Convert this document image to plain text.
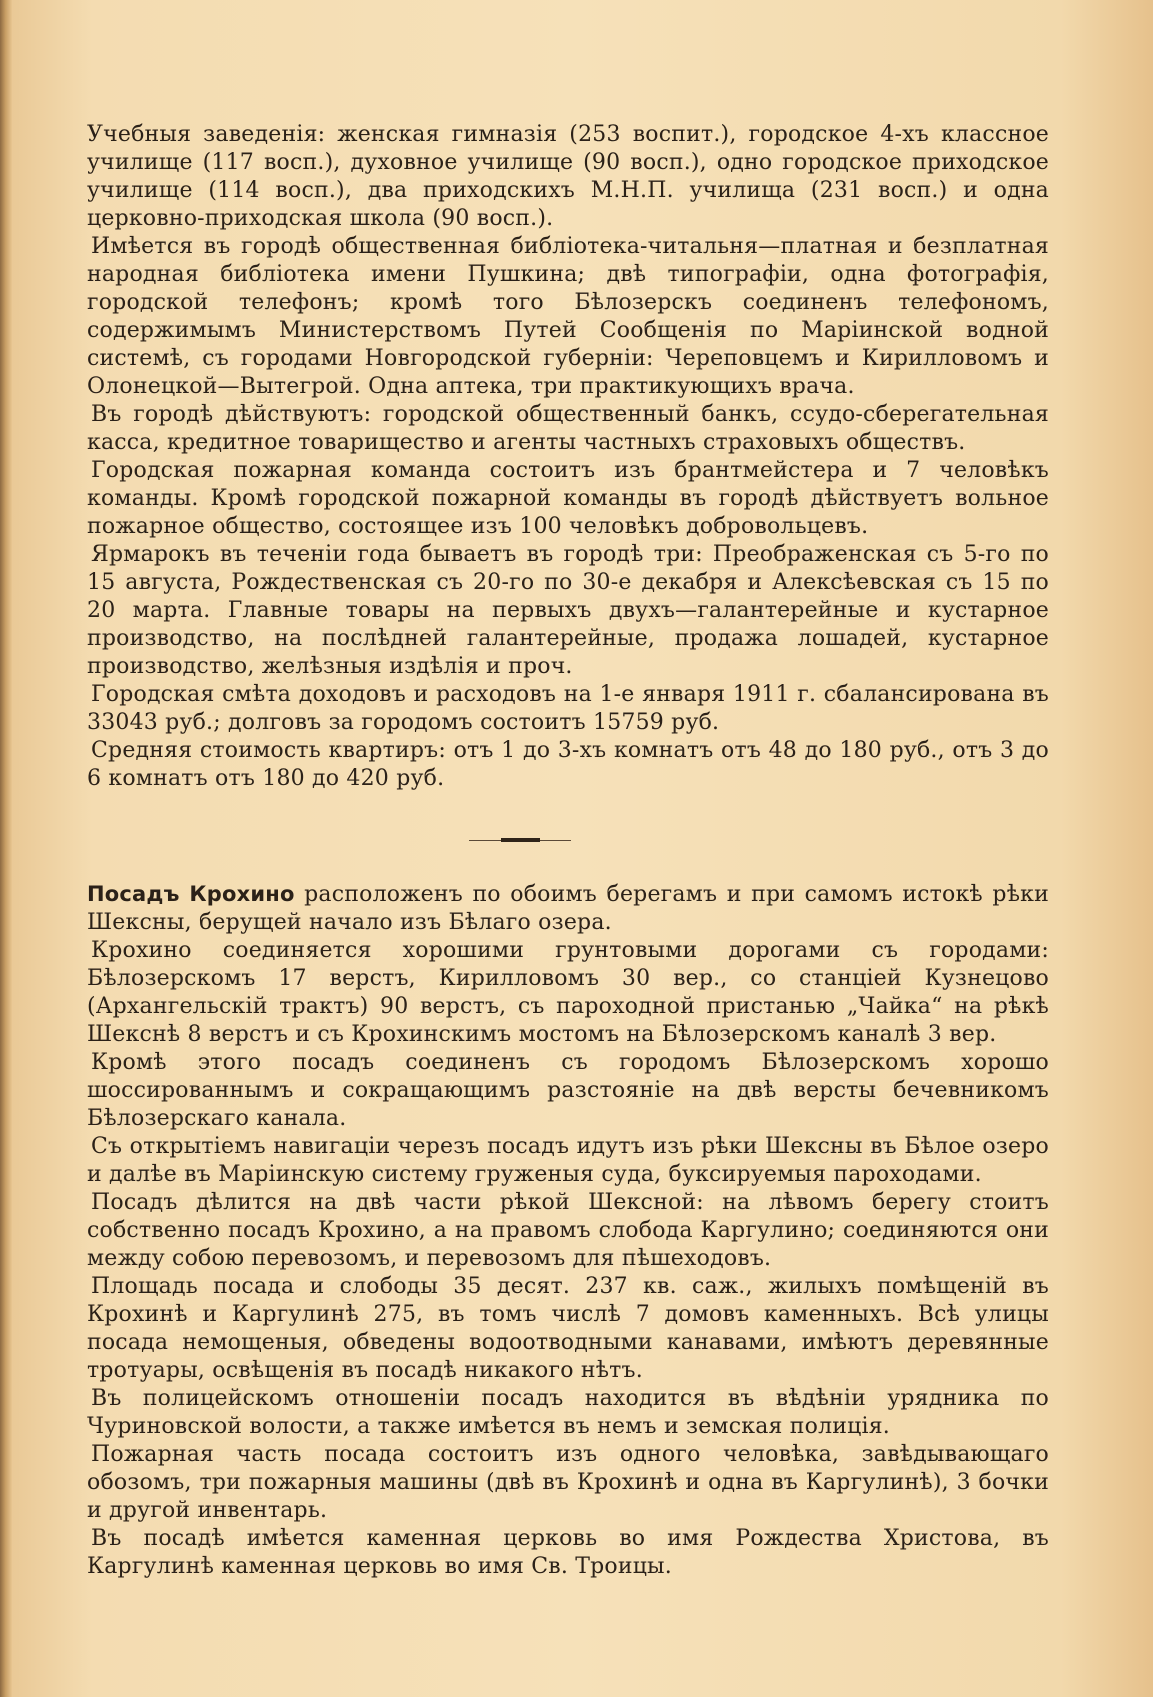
Учебныя заведенія: женская гимназія (253 воспит.), городское 4-хъ классное училище (117 восп.), духовное училище (90 восп.), одно городское приходское училище (114 восп.), два приходскихъ М.Н.П. училища (231 восп.) и одна церковно-приходская школа (90 восп.).

Имѣется въ городѣ общественная библіотека-читальня—платная и безплатная народная библіотека имени Пушкина; двѣ типографіи, одна фотографія, городской телефонъ; кромѣ того Бѣлозерскъ соединенъ телефономъ, содержимымъ Министерствомъ Путей Сообщенія по Маріинской водной системѣ, съ городами Новгородской губерніи: Череповцемъ и Кирилловомъ и Олонецкой—Вытегрой. Одна аптека, три практикующихъ врача.

Въ городѣ дѣйствуютъ: городской общественный банкъ, ссудо-сберегательная касса, кредитное товарищество и агенты частныхъ страховыхъ обществъ.

Городская пожарная команда состоитъ изъ брантмейстера и 7 человѣкъ команды. Кромѣ городской пожарной команды въ городѣ дѣйствуетъ вольное пожарное общество, состоящее изъ 100 человѣкъ добровольцевъ.

Ярмарокъ въ теченіи года бываетъ въ городѣ три: Преображенская съ 5-го по 15 августа, Рождественская съ 20-го по 30-е декабря и Алексѣевская съ 15 по 20 марта. Главные товары на первыхъ двухъ—галантерейные и кустарное производство, на послѣдней галантерейные, продажа лошадей, кустарное производство, желѣзныя издѣлія и проч.

Городская смѣта доходовъ и расходовъ на 1-е января 1911 г. сбалансирована въ 33043 руб.; долговъ за городомъ состоитъ 15759 руб.

Средняя стоимость квартиръ: отъ 1 до 3-хъ комнатъ отъ 48 до 180 руб., отъ 3 до 6 комнатъ отъ 180 до 420 руб.

Посадъ Крохино расположенъ по обоимъ берегамъ и при самомъ истокѣ рѣки Шексны, берущей начало изъ Бѣлаго озера.

Крохино соединяется хорошими грунтовыми дорогами съ городами: Бѣлозерскомъ 17 верстъ, Кирилловомъ 30 вер., со станціей Кузнецово (Архангельскій трактъ) 90 верстъ, съ пароходной пристанью „Чайка“ на рѣкѣ Шекснѣ 8 верстъ и съ Крохинскимъ мостомъ на Бѣлозерскомъ каналѣ 3 вер.

Кромѣ этого посадъ соединенъ съ городомъ Бѣлозерскомъ хорошо шоссированнымъ и сокращающимъ разстояніе на двѣ версты бечевникомъ Бѣлозерскаго канала.

Съ открытіемъ навигаціи черезъ посадъ идутъ изъ рѣки Шексны въ Бѣлое озеро и далѣе въ Маріинскую систему груженыя суда, буксируемыя пароходами.

Посадъ дѣлится на двѣ части рѣкой Шексной: на лѣвомъ берегу стоитъ собственно посадъ Крохино, а на правомъ слобода Каргулино; соединяются они между собою перевозомъ, и перевозомъ для пѣшеходовъ.

Площадь посада и слободы 35 десят. 237 кв. саж., жилыхъ помѣщеній въ Крохинѣ и Каргулинѣ 275, въ томъ числѣ 7 домовъ каменныхъ. Всѣ улицы посада немощеныя, обведены водоотводными канавами, имѣютъ деревянные тротуары, освѣщенія въ посадѣ никакого нѣтъ.

Въ полицейскомъ отношеніи посадъ находится въ вѣдѣніи урядника по Чуриновской волости, а также имѣется въ немъ и земская полиція.

Пожарная часть посада состоитъ изъ одного человѣка, завѣдывающаго обозомъ, три пожарныя машины (двѣ въ Крохинѣ и одна въ Каргулинѣ), 3 бочки и другой инвентарь.

Въ посадѣ имѣется каменная церковь во имя Рождества Христова, въ Каргулинѣ каменная церковь во имя Св. Троицы.
